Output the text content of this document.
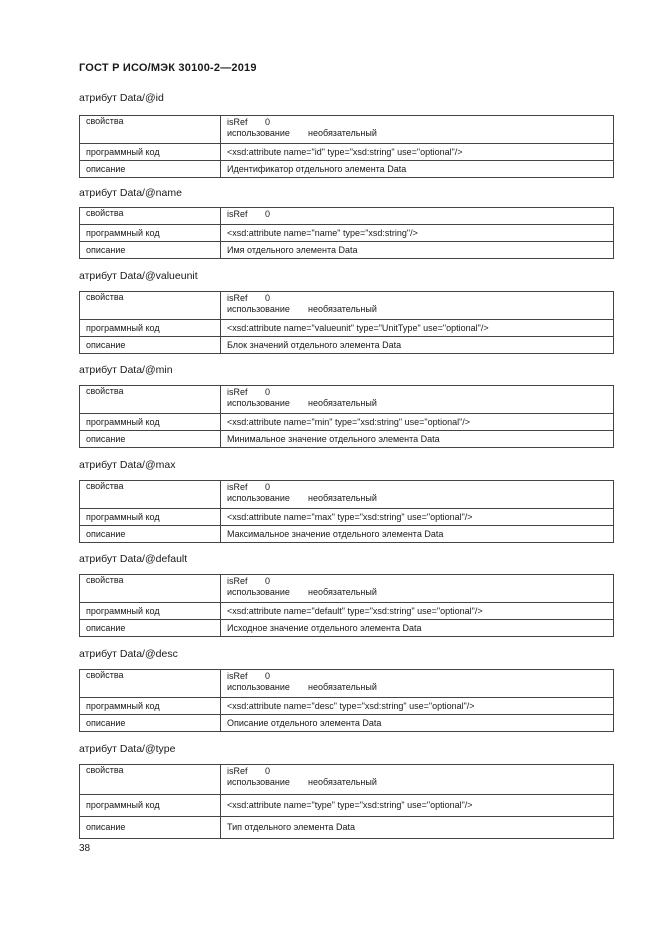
ГОСТ Р ИСО/МЭК 30100-2—2019
атрибут Data/@id
свойства	isRef 0
использование необязательный

программный код	<xsd:attribute name="id" type="xsd:string" use="optional"/>
описание	Идентификатор отдельного элемента Data
атрибут Data/@name
свойства	isRef 0

программный код	<xsd:attribute name="name" type="xsd:string"/>
описание	Имя отдельного элемента Data
атрибут Data/@valueunit
свойства	isRef 0
использование необязательный

программный код	<xsd:attribute name="valueunit" type="UnitType" use="optional"/>
описание	Блок значений отдельного элемента Data
атрибут Data/@min
свойства	isRef 0
использование необязательный

программный код	<xsd:attribute name="min" type="xsd:string" use="optional"/>
описание	Минимальное значение отдельного элемента Data
атрибут Data/@max
свойства	isRef 0
использование необязательный

программный код	<xsd:attribute name="max" type="xsd:string" use="optional"/>
описание	Максимальное значение отдельного элемента Data
атрибут Data/@default
свойства	isRef 0
использование необязательный

программный код	<xsd:attribute name="default" type="xsd:string" use="optional"/>
описание	Исходное значение отдельного элемента Data
атрибут Data/@desc
свойства	isRef 0
использование необязательный

программный код	<xsd:attribute name="desc" type="xsd:string" use="optional"/>
описание	Описание отдельного элемента Data
атрибут Data/@type
свойства	isRef 0
использование необязательный

программный код	<xsd:attribute name="type" type="xsd:string" use="optional"/>
описание	Тип отдельного элемента Data
38
